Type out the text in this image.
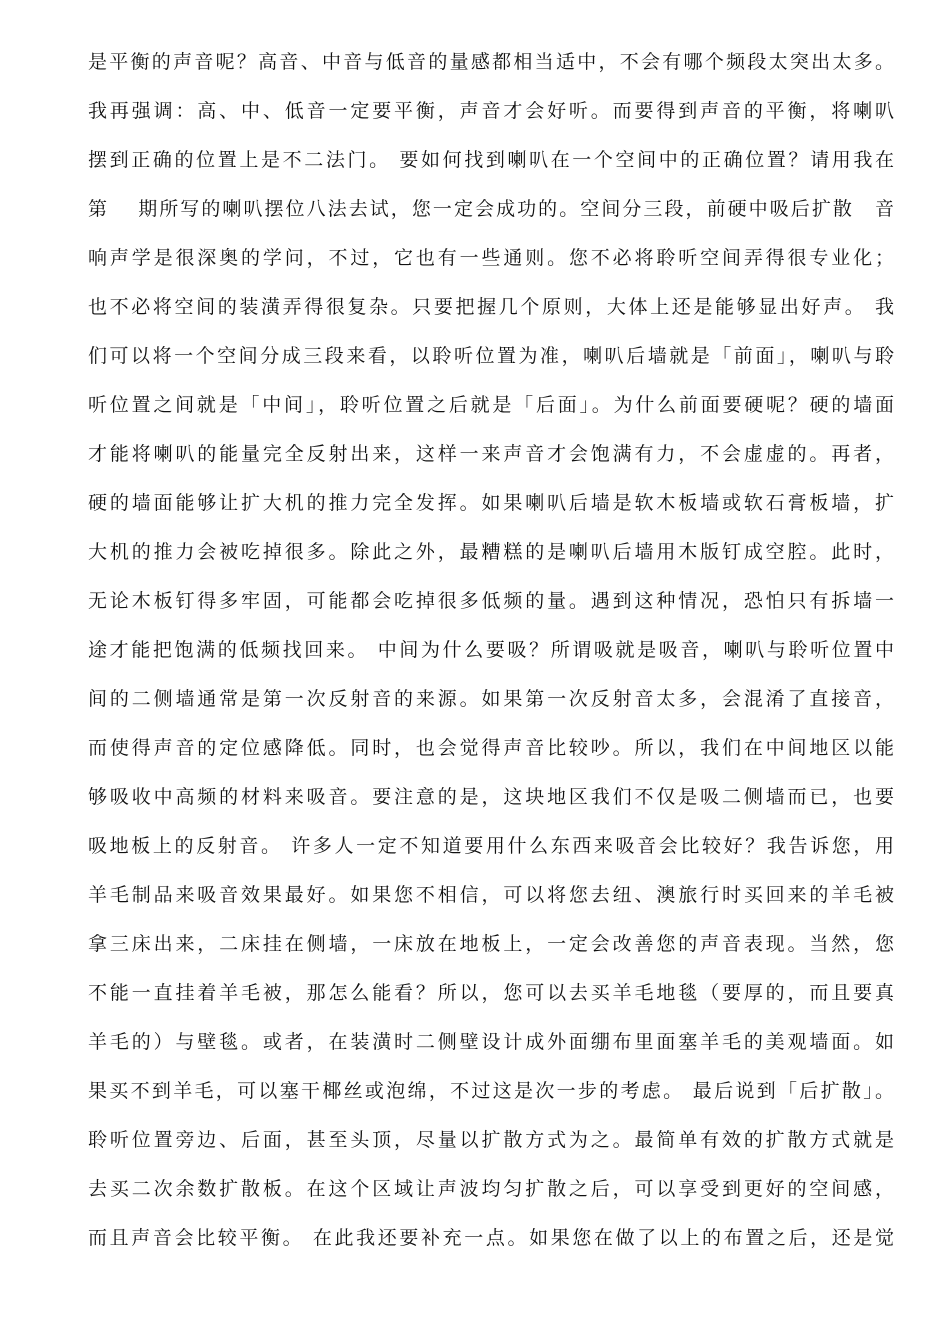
是平衡的声音呢？高音、中音与低音的量感都相当适中，不会有哪个频段太突出太多。
我再强调：高、中、低音一定要平衡，声音才会好听。而要得到声音的平衡，将喇叭
摆到正确的位置上是不二法门。 要如何找到喇叭在一个空间中的正确位置？请用我在
第　 期所写的喇叭摆位八法去试，您一定会成功的。空间分三段，前硬中吸后扩散　音
响声学是很深奥的学问，不过，它也有一些通则。您不必将聆听空间弄得很专业化；
也不必将空间的装潢弄得很复杂。只要把握几个原则，大体上还是能够显出好声。 我
们可以将一个空间分成三段来看，以聆听位置为准，喇叭后墙就是「前面」，喇叭与聆
听位置之间就是「中间」，聆听位置之后就是「后面」。为什么前面要硬呢？硬的墙面
才能将喇叭的能量完全反射出来，这样一来声音才会饱满有力，不会虚虚的。再者，
硬的墙面能够让扩大机的推力完全发挥。如果喇叭后墙是软木板墙或软石膏板墙，扩
大机的推力会被吃掉很多。除此之外，最糟糕的是喇叭后墙用木版钉成空腔。此时，
无论木板钉得多牢固，可能都会吃掉很多低频的量。遇到这种情况，恐怕只有拆墙一
途才能把饱满的低频找回来。 中间为什么要吸？所谓吸就是吸音，喇叭与聆听位置中
间的二侧墙通常是第一次反射音的来源。如果第一次反射音太多，会混淆了直接音，
而使得声音的定位感降低。同时，也会觉得声音比较吵。所以，我们在中间地区以能
够吸收中高频的材料来吸音。要注意的是，这块地区我们不仅是吸二侧墙而已，也要
吸地板上的反射音。 许多人一定不知道要用什么东西来吸音会比较好？我告诉您，用
羊毛制品来吸音效果最好。如果您不相信，可以将您去纽、澳旅行时买回来的羊毛被
拿三床出来，二床挂在侧墙，一床放在地板上，一定会改善您的声音表现。当然，您
不能一直挂着羊毛被，那怎么能看？所以，您可以去买羊毛地毯（要厚的，而且要真
羊毛的）与壁毯。或者，在装潢时二侧壁设计成外面绷布里面塞羊毛的美观墙面。如
果买不到羊毛，可以塞干椰丝或泡绵，不过这是次一步的考虑。 最后说到「后扩散」。
聆听位置旁边、后面，甚至头顶，尽量以扩散方式为之。最简单有效的扩散方式就是
去买二次余数扩散板。在这个区域让声波均匀扩散之后，可以享受到更好的空间感，
而且声音会比较平衡。 在此我还要补充一点。如果您在做了以上的布置之后，还是觉
